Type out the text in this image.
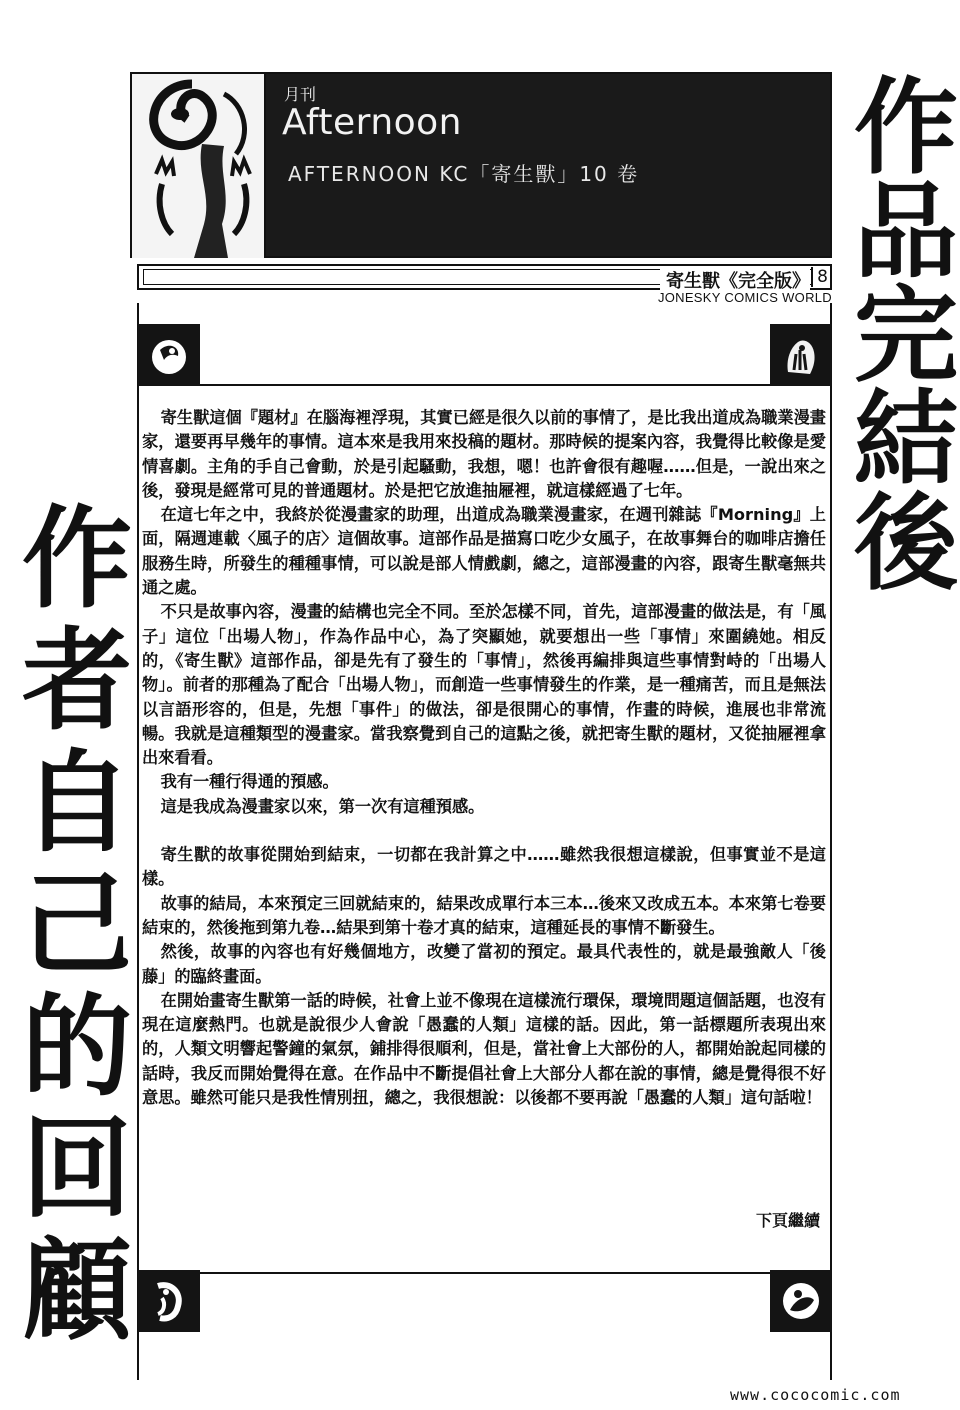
月刊
Afternoon
AFTERNOON KC「寄生獸」10 卷
寄生獸《完全版》 8
JONESKY COMICS WORLD 作品完結後
作者自己的回顧

寄生獸這個『題材』在腦海裡浮現，其實已經是很久以前的事情了，是比我出道成為職業漫畫家，還要再早幾年的事情。這本來是我用來投稿的題材。那時候的提案內容，我覺得比較像是愛情喜劇。主角的手自己會動，於是引起騷動，我想，嗯！也許會很有趣喔……但是，一說出來之後，發現是經常可見的普通題材。於是把它放進抽屜裡，就這樣經過了七年。

在這七年之中，我終於從漫畫家的助理，出道成為職業漫畫家，在週刊雜誌『Morning』上面，隔週連載〈風子的店〉這個故事。這部作品是描寫口吃少女風子，在故事舞台的咖啡店擔任服務生時，所發生的種種事情，可以說是部人情戲劇，總之，這部漫畫的內容，跟寄生獸毫無共通之處。

不只是故事內容，漫畫的結構也完全不同。至於怎樣不同，首先，這部漫畫的做法是，有「風子」這位「出場人物」，作為作品中心，為了突顯她，就要想出一些「事情」來圍繞她。相反的，《寄生獸》這部作品，卻是先有了發生的「事情」，然後再編排與這些事情對峙的「出場人物」。前者的那種為了配合「出場人物」，而創造一些事情發生的作業，是一種痛苦，而且是無法以言語形容的，但是，先想「事件」的做法，卻是很開心的事情，作畫的時候，進展也非常流暢。我就是這種類型的漫畫家。當我察覺到自己的這點之後，就把寄生獸的題材，又從抽屜裡拿出來看看。

我有一種行得通的預感。

這是我成為漫畫家以來，第一次有這種預感。

寄生獸的故事從開始到結束，一切都在我計算之中……雖然我很想這樣說，但事實並不是這樣。

故事的結局，本來預定三回就結束的，結果改成單行本三本…後來又改成五本。本來第七卷要結束的，然後拖到第九卷…結果到第十卷才真的結束，這種延長的事情不斷發生。

然後，故事的內容也有好幾個地方，改變了當初的預定。最具代表性的，就是最強敵人「後藤」的臨終畫面。

在開始畫寄生獸第一話的時候，社會上並不像現在這樣流行環保，環境問題這個話題，也沒有現在這麼熱門。也就是說很少人會說「愚蠢的人類」這樣的話。因此，第一話標題所表現出來的，人類文明響起警鐘的氣氛，鋪排得很順利，但是，當社會上大部份的人，都開始說起同樣的話時，我反而開始覺得在意。在作品中不斷提倡社會上大部分人都在說的事情，總是覺得很不好意思。雖然可能只是我性情別扭，總之，我很想說：以後都不要再說「愚蠢的人類」這句話啦！

下頁繼續
www.cococomic.com
